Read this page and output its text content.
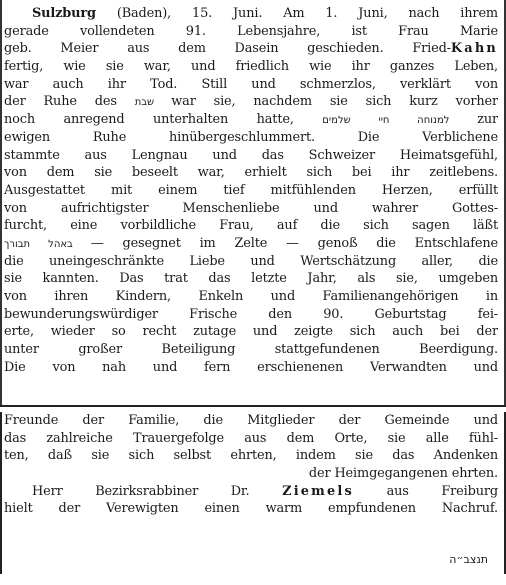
Sulzburg (Baden), 15. Juni. Am 1. Juni, nach ihrem
gerade vollendeten 91. Lebensjahre, ist Frau Marie
geb. Meier aus dem Dasein geschieden. Fried-Kahn
fertig, wie sie war, und friedlich wie ihr ganzes Leben,
war auch ihr Tod. Still und schmerzlos, verklärt von
der Ruhe des שבת war sie, nachdem sie sich kurz vorher
noch anregend unterhalten hatte, למנוחה חיי שלמים zur
ewigen Ruhe hinübergeschlummert. Die Verblichene
stammte aus Lengnau und das Schweizer Heimatsgefühl,
von dem sie beseelt war, erhielt sich bei ihr zeitlebens.
Ausgestattet mit einem tief mitfühlenden Herzen, erfüllt
von aufrichtigster Menschenliebe und wahrer Gottes-
furcht, eine vorbildliche Frau, auf die sich sagen läßt
באהל תבורך — gesegnet im Zelte — genoß die Entschlafene
die uneingeschränkte Liebe und Wertschätzung aller, die
sie kannten. Das trat das letzte Jahr, als sie, umgeben
von ihren Kindern, Enkeln und Familienangehörigen in
bewunderungswürdiger Frische den 90. Geburtstag fei-
erte, wieder so recht zutage und zeigte sich auch bei der
unter großer Beteiligung stattgefundenen Beerdigung.
Die von nah und fern erschienenen Verwandten und
Freunde der Familie, die Mitglieder der Gemeinde und
das zahlreiche Trauergefolge aus dem Orte, sie alle fühl-
ten, daß sie sich selbst ehrten, indem sie das Andenken
der Heimgegangenen ehrten.
Herr Bezirksrabbiner Dr. Ziemels aus Freiburg
hielt der Verewigten einen warm empfundenen Nachruf.
תנצב״ה
